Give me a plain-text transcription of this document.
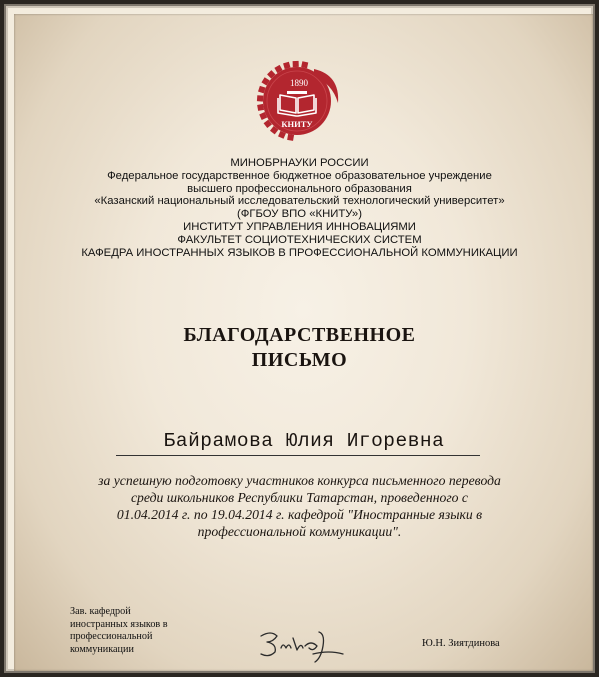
1890
КНИТУ
МИНОБРНАУКИ РОССИИ
Федеральное государственное бюджетное образовательное учреждение
высшего профессионального образования
«Казанский национальный исследовательский технологический университет»
(ФГБОУ ВПО «КНИТУ»)
ИНСТИТУТ УПРАВЛЕНИЯ ИННОВАЦИЯМИ
ФАКУЛЬТЕТ СОЦИОТЕХНИЧЕСКИХ СИСТЕМ
КАФЕДРА ИНОСТРАННЫХ ЯЗЫКОВ В ПРОФЕССИОНАЛЬНОЙ КОММУНИКАЦИИ
БЛАГОДАРСТВЕННОЕ
ПИСЬМО
Байрамова Юлия Игоревна
за успешную подготовку участников конкурса письменного перевода
среди школьников Республики Татарстан, проведенного с
01.04.2014 г. по 19.04.2014 г. кафедрой "Иностранные языки в
профессиональной коммуникации".
Зав. кафедрой
иностранных языков в
профессиональной
коммуникации	Ю.Н. Зиятдинова
